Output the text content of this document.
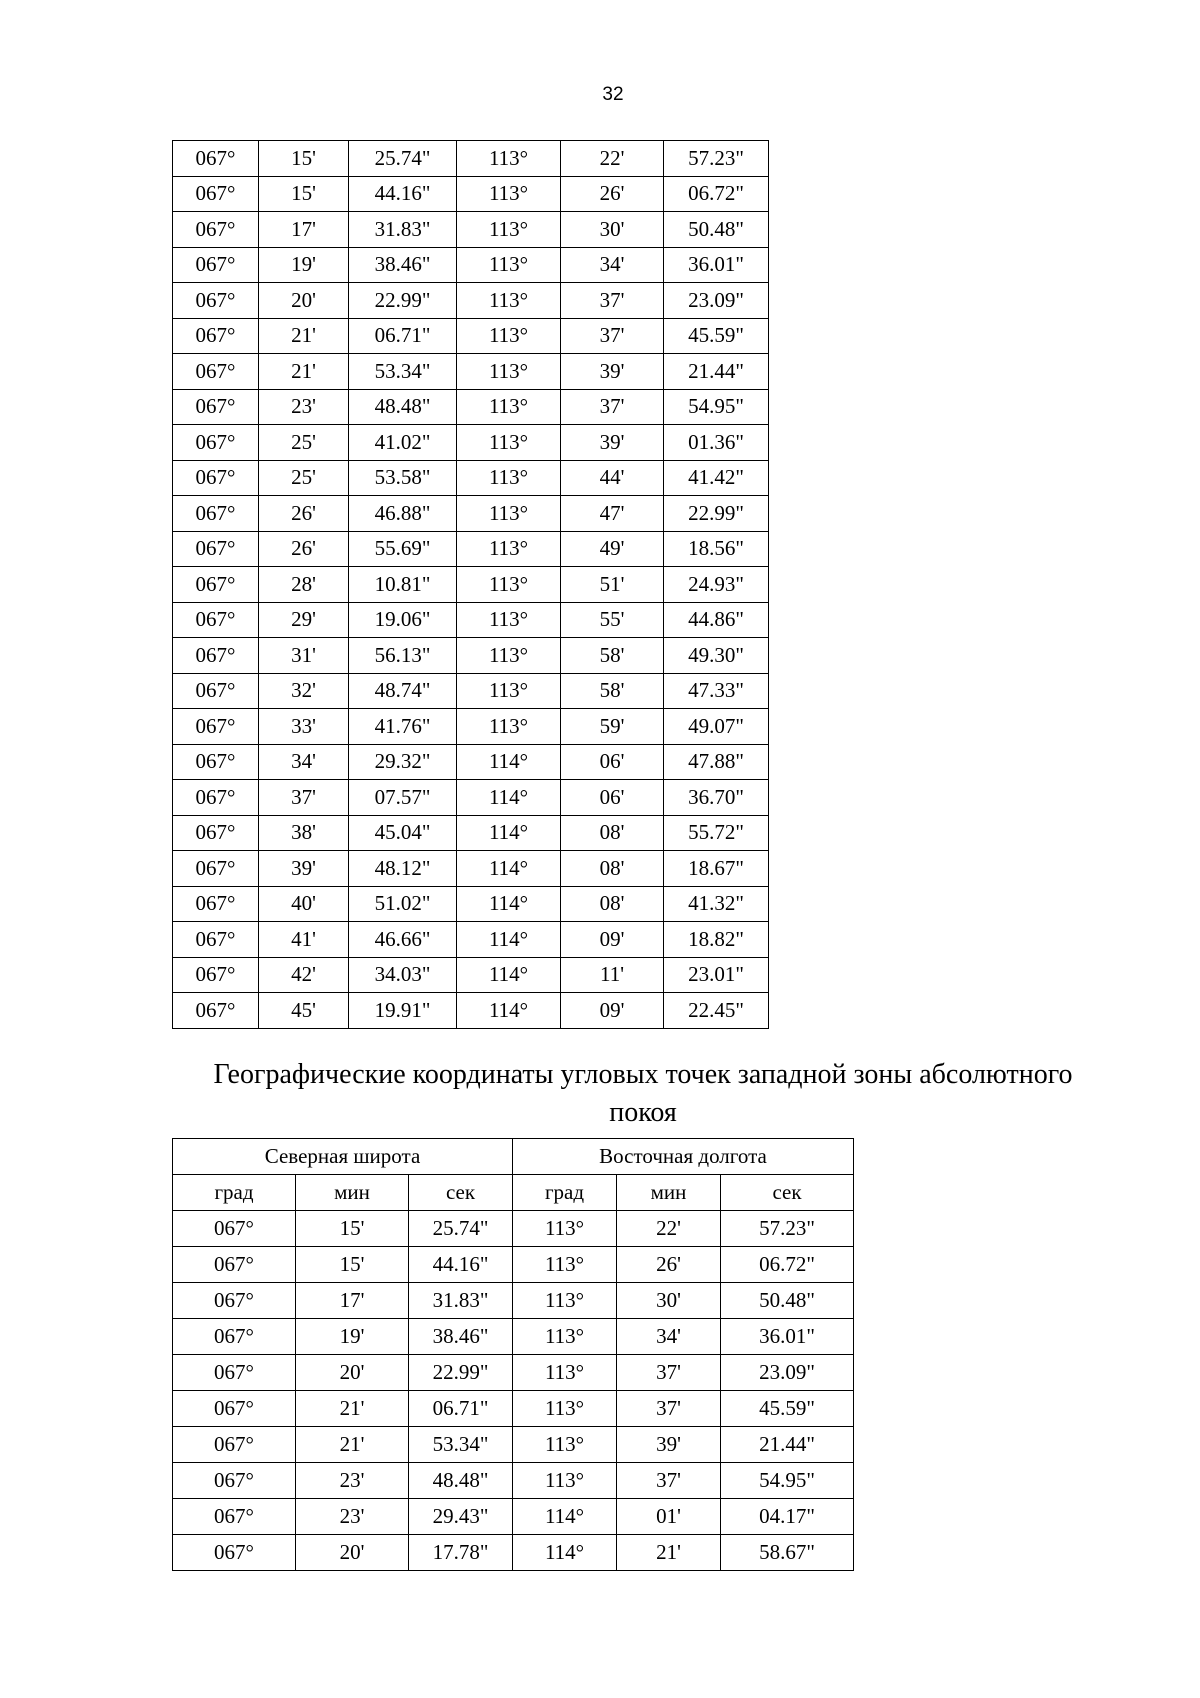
32
067°	15'	25.74"	113°	22'	57.23"
067°	15'	44.16"	113°	26'	06.72"
067°	17'	31.83"	113°	30'	50.48"
067°	19'	38.46"	113°	34'	36.01"
067°	20'	22.99"	113°	37'	23.09"
067°	21'	06.71"	113°	37'	45.59"
067°	21'	53.34"	113°	39'	21.44"
067°	23'	48.48"	113°	37'	54.95"
067°	25'	41.02"	113°	39'	01.36"
067°	25'	53.58"	113°	44'	41.42"
067°	26'	46.88"	113°	47'	22.99"
067°	26'	55.69"	113°	49'	18.56"
067°	28'	10.81"	113°	51'	24.93"
067°	29'	19.06"	113°	55'	44.86"
067°	31'	56.13"	113°	58'	49.30"
067°	32'	48.74"	113°	58'	47.33"
067°	33'	41.76"	113°	59'	49.07"
067°	34'	29.32"	114°	06'	47.88"
067°	37'	07.57"	114°	06'	36.70"
067°	38'	45.04"	114°	08'	55.72"
067°	39'	48.12"	114°	08'	18.67"
067°	40'	51.02"	114°	08'	41.32"
067°	41'	46.66"	114°	09'	18.82"
067°	42'	34.03"	114°	11'	23.01"
067°	45'	19.91"	114°	09'	22.45"
Географические координаты угловых точек западной зоны абсолютного
покоя
Северная широта			Восточная долгота		
град	мин	сек	град	мин	сек
067°	15'	25.74"	113°	22'	57.23"
067°	15'	44.16"	113°	26'	06.72"
067°	17'	31.83"	113°	30'	50.48"
067°	19'	38.46"	113°	34'	36.01"
067°	20'	22.99"	113°	37'	23.09"
067°	21'	06.71"	113°	37'	45.59"
067°	21'	53.34"	113°	39'	21.44"
067°	23'	48.48"	113°	37'	54.95"
067°	23'	29.43"	114°	01'	04.17"
067°	20'	17.78"	114°	21'	58.67"
